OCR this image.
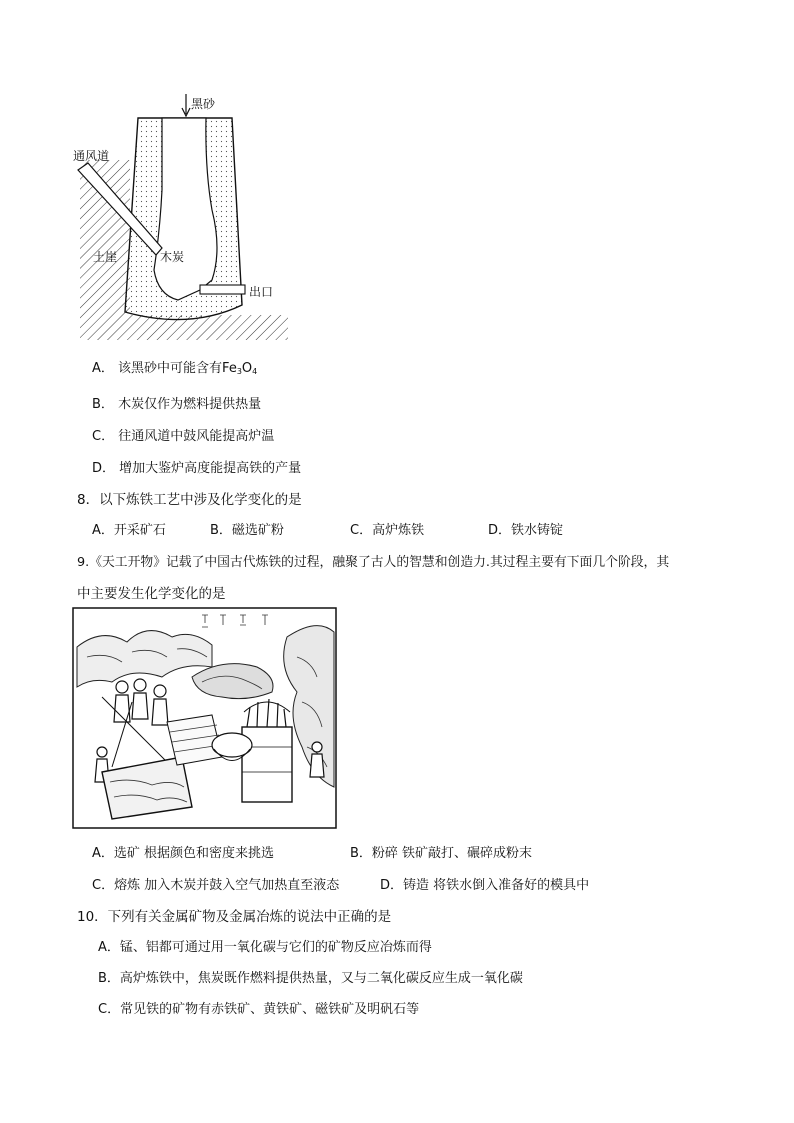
黑砂
通风道
土崖	木炭
出口
A． 该黑砂中可能含有$Fe_3O_4$
B． 木炭仅作为燃料提供热量
C． 往通风道中鼓风能提高炉温
D． 增加大鉴炉高度能提高铁的产量
8．以下炼铁工艺中涉及化学变化的是
A．开采矿石	B．磁选矿粉	C．高炉炼铁	D．铁水铸锭
9.《天工开物》记载了中国古代炼铁的过程，融聚了古人的智慧和创造力.其过程主要有下面几个阶段，其
中主要发生化学变化的是
A．选矿 根据颜色和密度来挑选	B．粉碎 铁矿敲打、碾碎成粉末
C．熔炼 加入木炭并鼓入空气加热直至液态	D．铸造 将铁水倒入准备好的模具中
10．下列有关金属矿物及金属冶炼的说法中正确的是
A．锰、铝都可通过用一氧化碳与它们的矿物反应冶炼而得
B．高炉炼铁中，焦炭既作燃料提供热量，又与二氧化碳反应生成一氧化碳
C．常见铁的矿物有赤铁矿、黄铁矿、磁铁矿及明矾石等
